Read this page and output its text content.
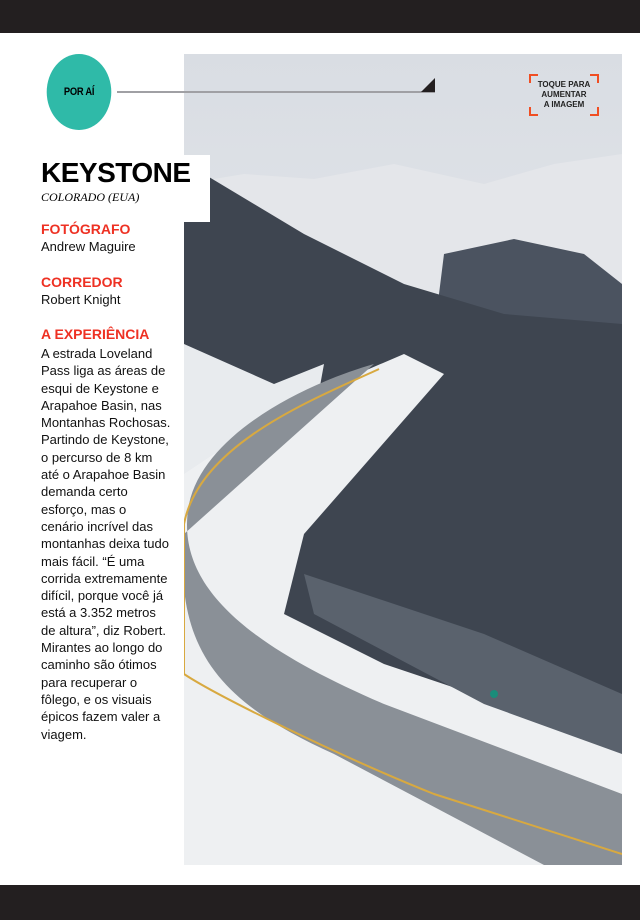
POR AÍ
TOQUE PARA
AUMENTAR
A IMAGEM
KEYSTONE
COLORADO (EUA)
FOTÓGRAFO
Andrew Maguire
CORREDOR
Robert Knight
A EXPERIÊNCIA
A estrada Loveland Pass liga as áreas de esqui de Keystone e Arapahoe Basin, nas Montanhas Rochosas. Partindo de Keystone, o percurso de 8 km até o Arapahoe Basin demanda certo esforço, mas o cenário incrível das montanhas deixa tudo mais fácil. “É uma corrida extremamente difícil, porque você já está a 3.352 metros de altura”, diz Robert. Mirantes ao longo do caminho são ótimos para recuperar o fôlego, e os visuais épicos fazem valer a viagem.
